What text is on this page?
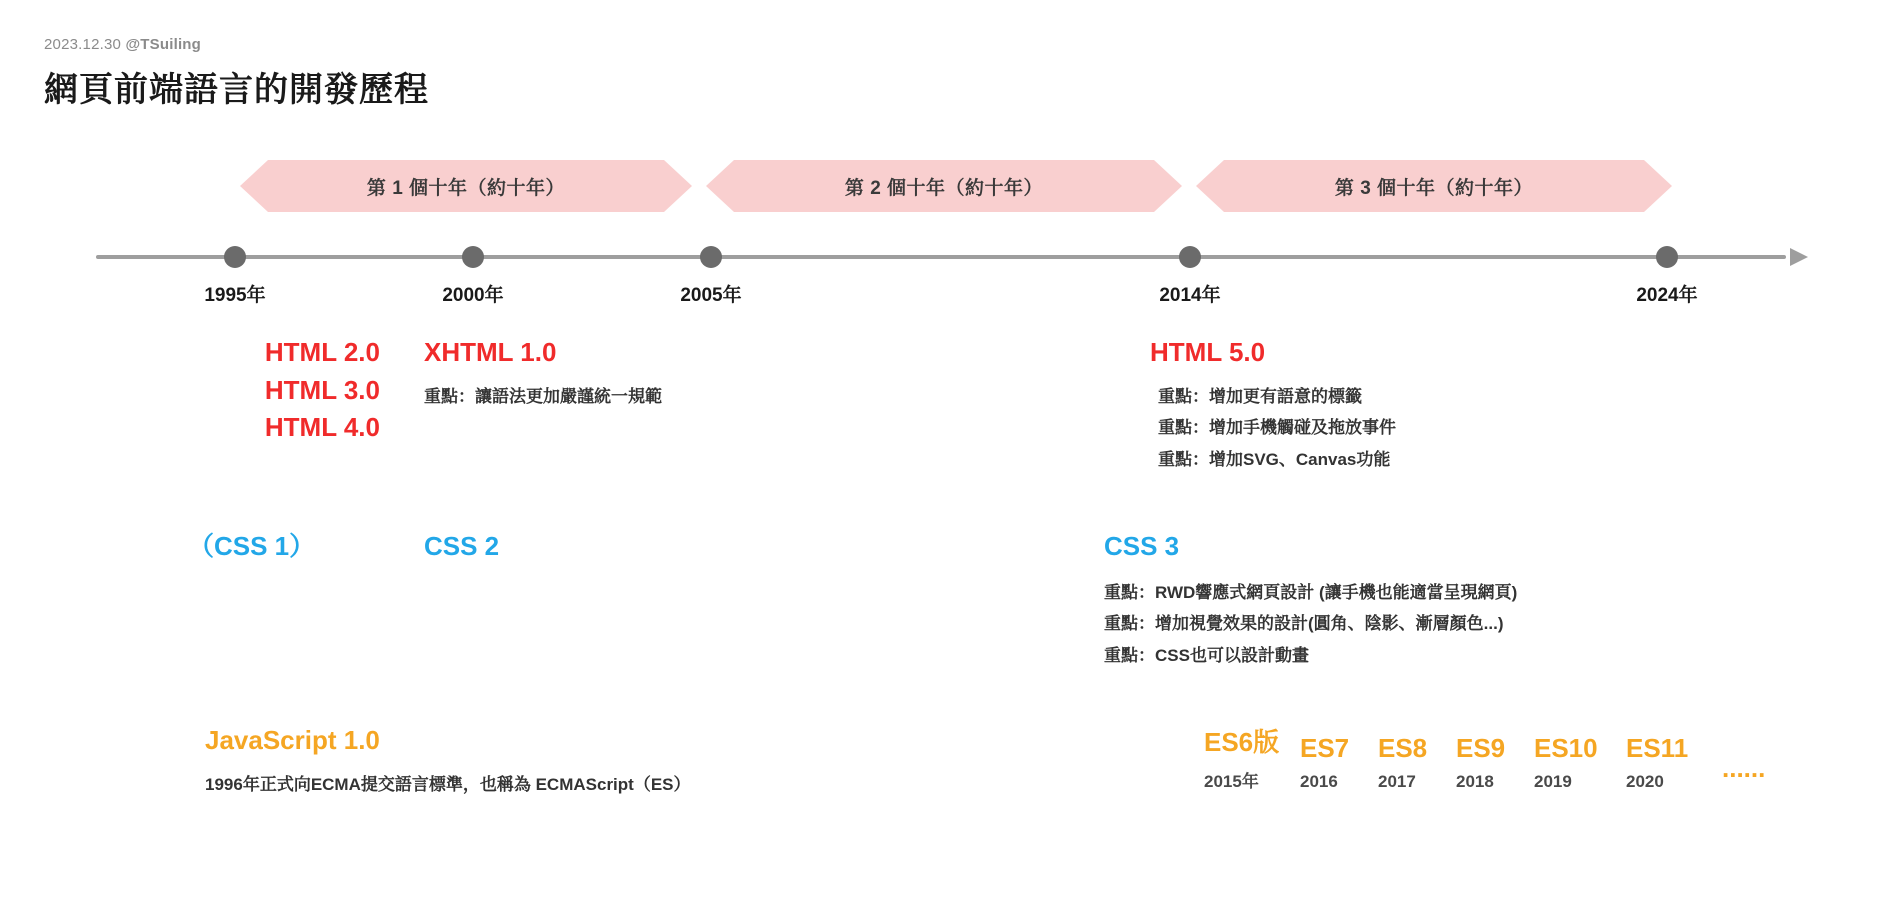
2023.12.30 @TSuiling
網頁前端語言的開發歷程
第 1 個十年（約十年）	第 2 個十年（約十年）	第 3 個十年（約十年）
1995年	2000年	2005年	2014年	2024年
HTML 2.0
HTML 3.0
HTML 4.0
XHTML 1.0
重點：讓語法更加嚴謹統一規範
HTML 5.0
重點：增加更有語意的標籤
重點：增加手機觸碰及拖放事件
重點：增加SVG、Canvas功能
（CSS 1）	CSS 2	CSS 3
重點：RWD響應式網頁設計 (讓手機也能適當呈現網頁)
重點：增加視覺效果的設計(圓角、陰影、漸層顏色...)
重點：CSS也可以設計動畫
JavaScript 1.0
1996年正式向ECMA提交語言標準，也稱為 ECMAScript（ES）
ES6版
2015年
ES7
2016
ES8
2017
ES9
2018
ES10
2019
ES11
2020	......
